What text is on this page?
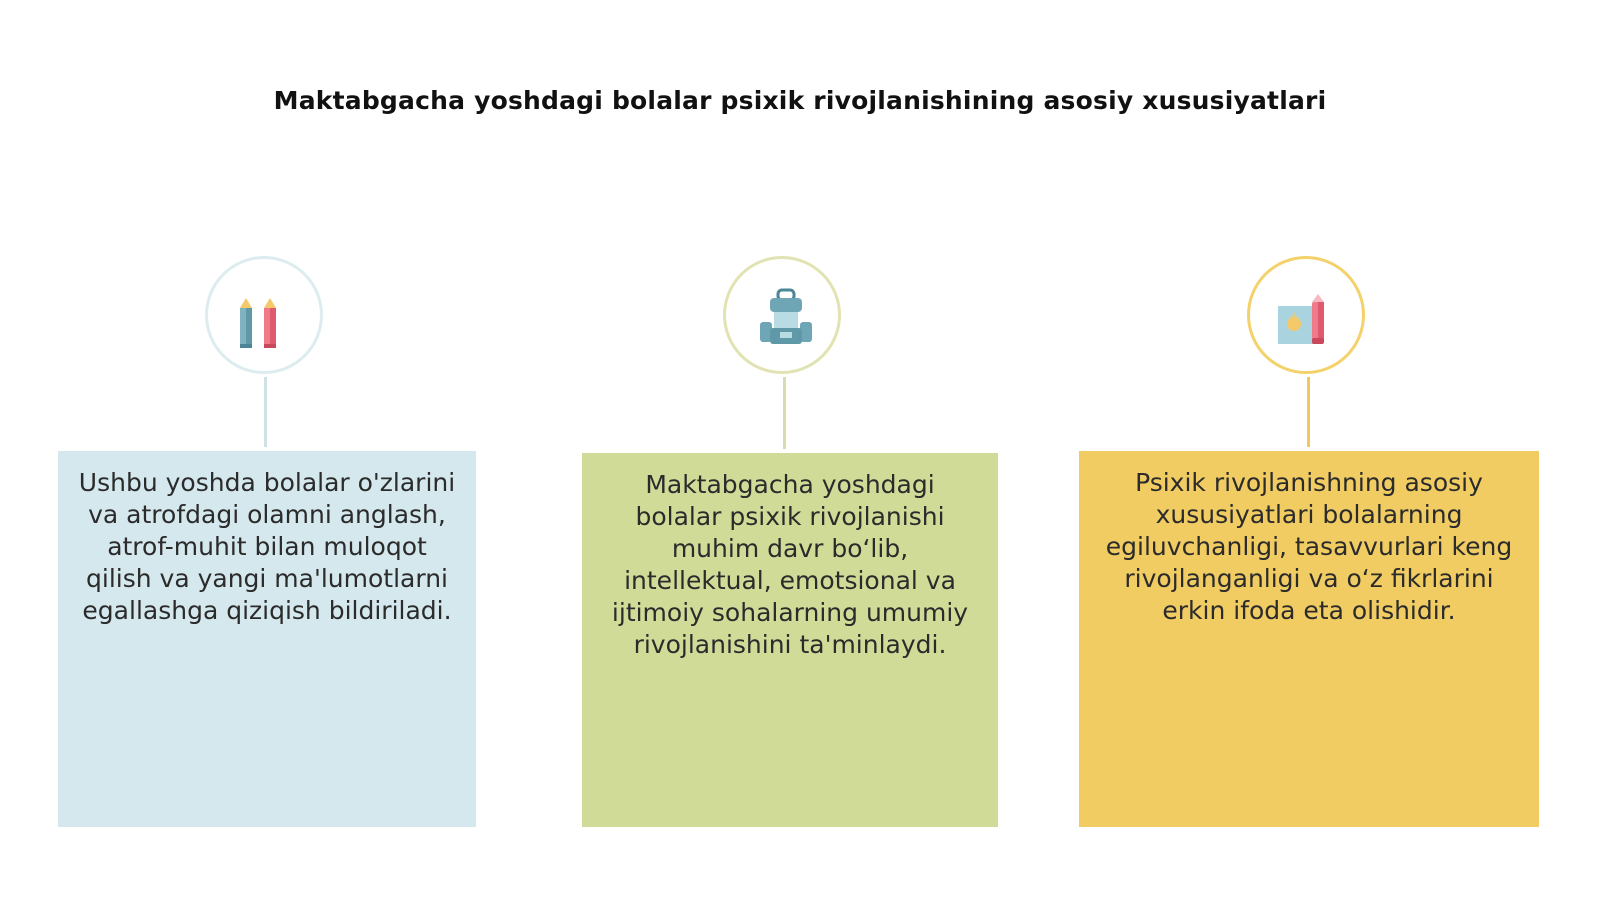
Maktabgacha yoshdagi bolalar psixik rivojlanishining asosiy xususiyatlari
Ushbu yoshda bolalar o'zlarini va atrofdagi olamni anglash, atrof-muhit bilan muloqot qilish va yangi ma'lumotlarni egallashga qiziqish bildiriladi.
Maktabgacha yoshdagi bolalar psixik rivojlanishi muhim davr bo‘lib, intellektual, emotsional va ijtimoiy sohalarning umumiy rivojlanishini ta'minlaydi.
Psixik rivojlanishning asosiy xususiyatlari bolalarning egiluvchanligi, tasavvurlari keng rivojlanganligi va o‘z fikrlarini erkin ifoda eta olishidir.
